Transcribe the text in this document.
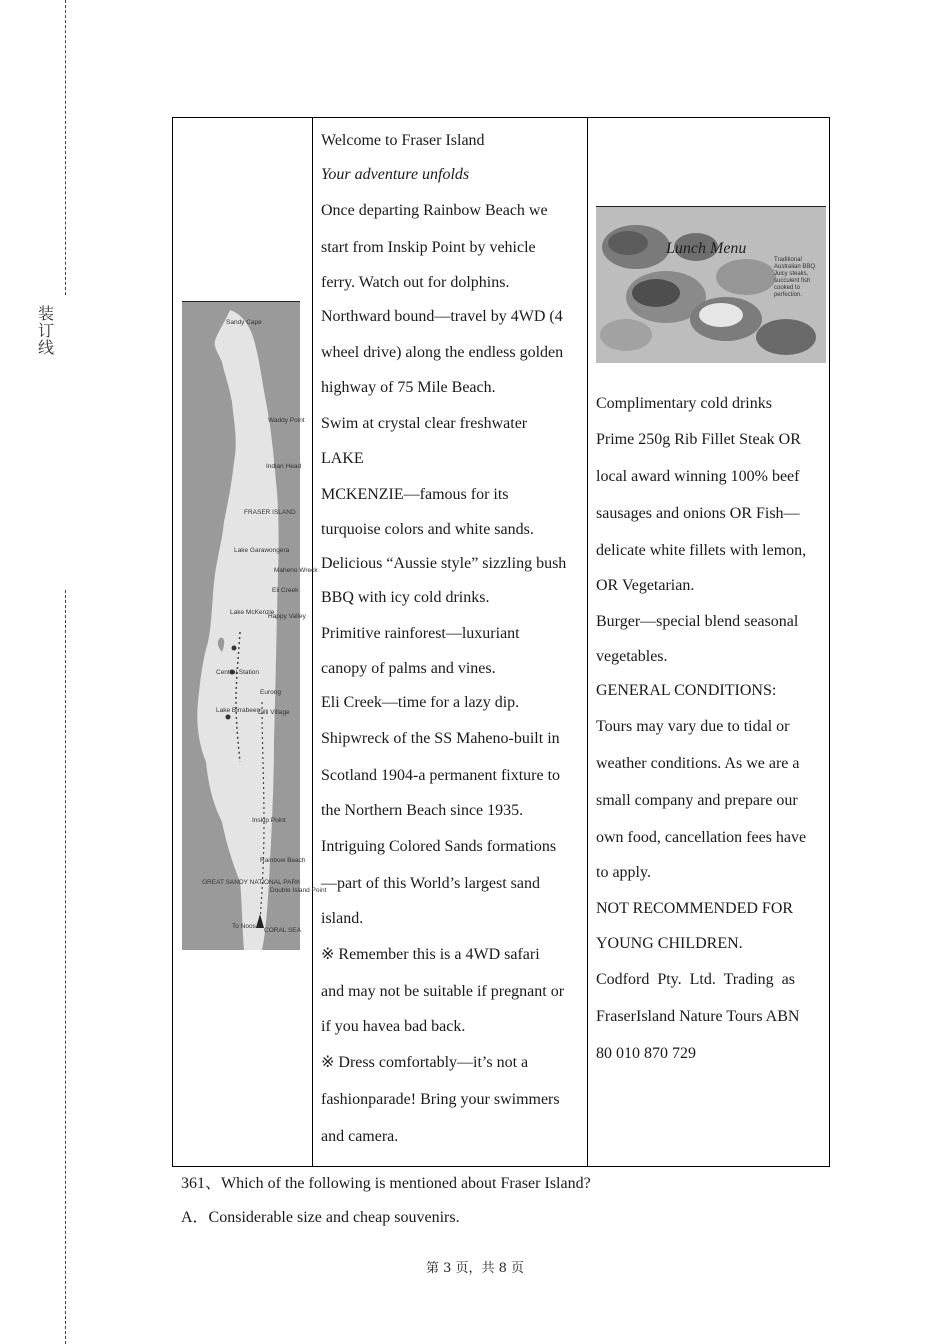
装
订
线
Sandy Cape
Waddy Point
Indian Head
FRASER ISLAND
Lake Garawongera
Maheno Wreck
Eli Creek
Happy Valley
Lake McKenzie
Central Station
Eurong
Lake Birrabeen
Dilli Village
Inskip Point
Rainbow Beach
Double Island Point
GREAT SANDY NATIONAL PARK
To Noosa
CORAL SEA

Welcome to Fraser Island

Your adventure unfolds

Once departing Rainbow Beach we

start from Inskip Point by vehicle

ferry. Watch out for dolphins.

Northward bound—travel by 4WD (4

wheel drive) along the endless golden

highway of 75 Mile Beach.

Swim at crystal clear freshwater

LAKE

MCKENZIE—famous for its

turquoise colors and white sands.

Delicious “Aussie style” sizzling bush

BBQ with icy cold drinks.

Primitive rainforest—luxuriant

canopy of palms and vines.

Eli Creek—time for a lazy dip.

Shipwreck of the SS Maheno-built in

Scotland 1904-a permanent fixture to

the Northern Beach since 1935.

Intriguing Colored Sands formations

—part of this World’s largest sand

island.

※ Remember this is a 4WD safari

and may not be suitable if pregnant or

if you havea bad back.

※ Dress comfortably—it’s not a

fashionparade! Bring your swimmers

and camera.

Lunch Menu
Traditional Australian BBQ. Juicy steaks, succulent fish cooked to perfection.

Complimentary cold drinks

Prime 250g Rib Fillet Steak OR

local award winning 100% beef

sausages and onions OR Fish—

delicate white fillets with lemon,

OR Vegetarian.

Burger—special blend seasonal

vegetables.

GENERAL CONDITIONS:

Tours may vary due to tidal or

weather conditions. As we are a

small company and prepare our

own food, cancellation fees have

to apply.

NOT RECOMMENDED FOR

YOUNG CHILDREN.

Codford  Pty.  Ltd.  Trading  as

FraserIsland Nature Tours ABN

80 010 870 729

361、Which of the following is mentioned about Fraser Island?
A．Considerable size and cheap souvenirs.
第 3 页，共 8 页
